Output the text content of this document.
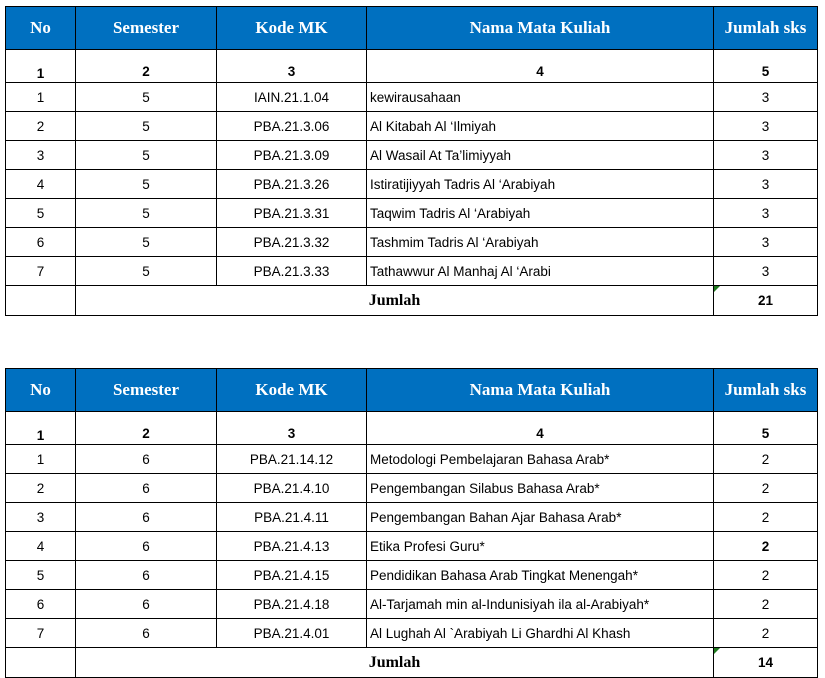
No	Semester	Kode MK	Nama Mata Kuliah	Jumlah sks
1	2	3	4	5
1	5	IAIN.21.1.04	kewirausahaan	3
2	5	PBA.21.3.06	Al Kitabah Al ‘Ilmiyah	3
3	5	PBA.21.3.09	Al Wasail At Ta’limiyyah	3
4	5	PBA.21.3.26	Istiratijiyyah Tadris Al ‘Arabiyah	3
5	5	PBA.21.3.31	Taqwim Tadris Al ‘Arabiyah	3
6	5	PBA.21.3.32	Tashmim Tadris Al ‘Arabiyah	3
7	5	PBA.21.3.33	Tathawwur Al Manhaj Al ‘Arabi	3
	Jumlah			21
No	Semester	Kode MK	Nama Mata Kuliah	Jumlah sks
1	2	3	4	5
1	6	PBA.21.14.12	Metodologi Pembelajaran Bahasa Arab*	2
2	6	PBA.21.4.10	Pengembangan Silabus Bahasa Arab*	2
3	6	PBA.21.4.11	Pengembangan Bahan Ajar Bahasa Arab*	2
4	6	PBA.21.4.13	Etika Profesi Guru*	2
5	6	PBA.21.4.15	Pendidikan Bahasa Arab Tingkat Menengah*	2
6	6	PBA.21.4.18	Al-Tarjamah min al-Indunisiyah ila al-Arabiyah*	2
7	6	PBA.21.4.01	Al Lughah Al `Arabiyah Li Ghardhi Al Khash	2
	Jumlah			14
